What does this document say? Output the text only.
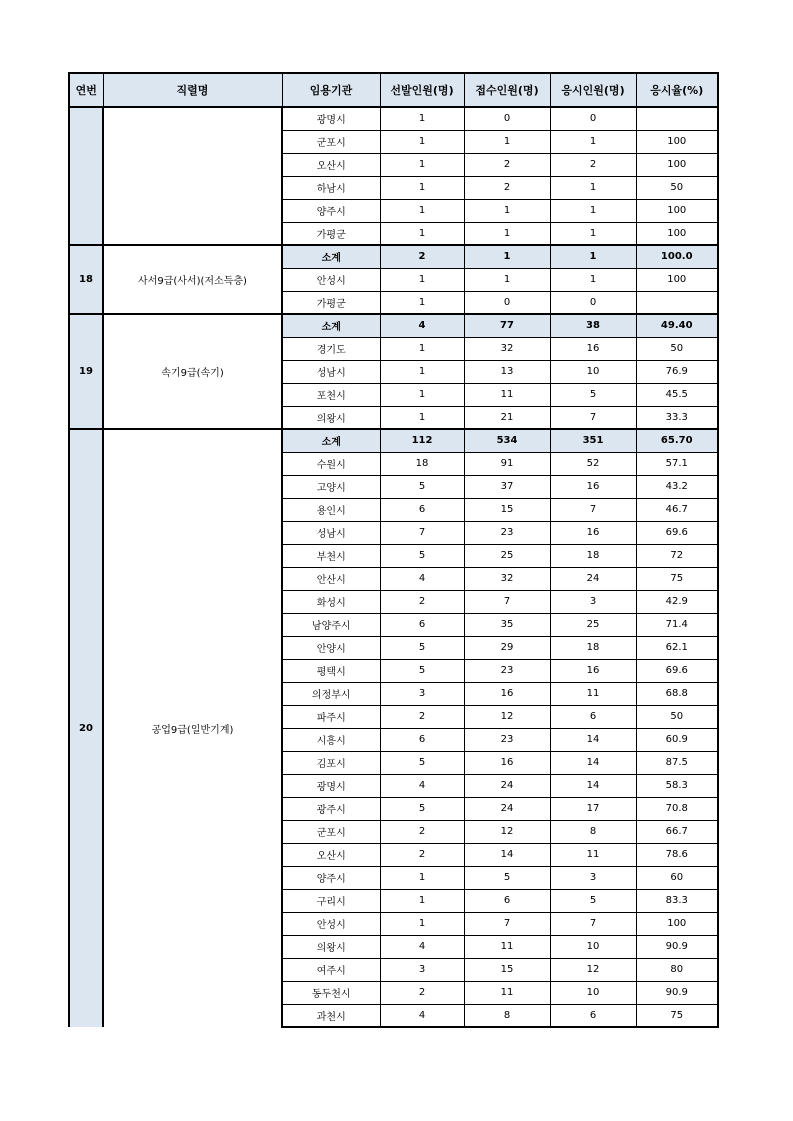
연번	직렬명	임용기관	선발인원(명)	접수인원(명)	응시인원(명)	응시율(%)
		광명시	1	0	0	
		군포시	1	1	1	100
		오산시	1	2	2	100
		하남시	1	2	1	50
		양주시	1	1	1	100
		가평군	1	1	1	100
18	사서9급(사서)(저소득층)	소계	2	1	1	100.0
		안성시	1	1	1	100
		가평군	1	0	0	
19	속기9급(속기)	소계	4	77	38	49.40
		경기도	1	32	16	50
		성남시	1	13	10	76.9
		포천시	1	11	5	45.5
		의왕시	1	21	7	33.3
20	공업9급(일반기계)	소계	112	534	351	65.70
		수원시	18	91	52	57.1
		고양시	5	37	16	43.2
		용인시	6	15	7	46.7
		성남시	7	23	16	69.6
		부천시	5	25	18	72
		안산시	4	32	24	75
		화성시	2	7	3	42.9
		남양주시	6	35	25	71.4
		안양시	5	29	18	62.1
		평택시	5	23	16	69.6
		의정부시	3	16	11	68.8
		파주시	2	12	6	50
		시흥시	6	23	14	60.9
		김포시	5	16	14	87.5
		광명시	4	24	14	58.3
		광주시	5	24	17	70.8
		군포시	2	12	8	66.7
		오산시	2	14	11	78.6
		양주시	1	5	3	60
		구리시	1	6	5	83.3
		안성시	1	7	7	100
		의왕시	4	11	10	90.9
		여주시	3	15	12	80
		동두천시	2	11	10	90.9
		과천시	4	8	6	75
